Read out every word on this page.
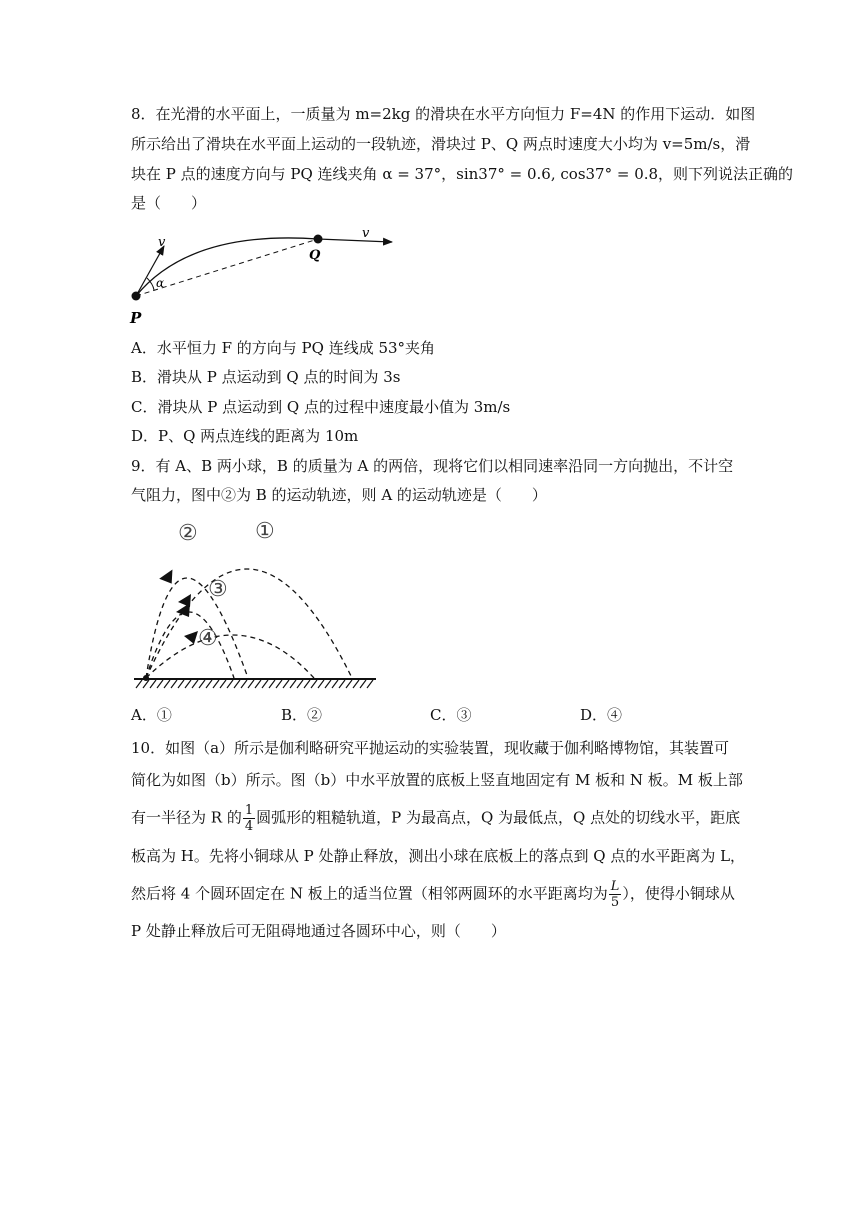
8．在光滑的水平面上，一质量为 m=2kg 的滑块在水平方向恒力 F=4N 的作用下运动．如图
所示给出了滑块在水平面上运动的一段轨迹，滑块过 P、Q 两点时速度大小均为 v=5m/s，滑
块在 P 点的速度方向与 PQ 连线夹角 α = 37°，sin37° = 0.6, cos37° = 0.8，则下列说法正确的
是（　　）
v
v
α
P
Q
A．水平恒力 F 的方向与 PQ 连线成 53°夹角
B．滑块从 P 点运动到 Q 点的时间为 3s
C．滑块从 P 点运动到 Q 点的过程中速度最小值为 3m/s
D．P、Q 两点连线的距离为 10m
9．有 A、B 两小球，B 的质量为 A 的两倍，现将它们以相同速率沿同一方向抛出，不计空
气阻力，图中②为 B 的运动轨迹，则 A 的运动轨迹是（　　）
②	①
③
④
A．①	B．②	C．③	D．④
10．如图（a）所示是伽利略研究平抛运动的实验装置，现收藏于伽利略博物馆，其装置可
简化为如图（b）所示。图（b）中水平放置的底板上竖直地固定有 M 板和 N 板。M 板上部
有一半径为 R 的 $\frac{1}{4}$ 圆弧形的粗糙轨道，P 为最高点，Q 为最低点，Q 点处的切线水平，距底
板高为 H。先将小铜球从 P 处静止释放，测出小球在底板上的落点到 Q 点的水平距离为 L，
然后将 4 个圆环固定在 N 板上的适当位置（相邻两圆环的水平距离均为 $\frac{L}{5}$ ），使得小铜球从
P 处静止释放后可无阻碍地通过各圆环中心，则（　　）
